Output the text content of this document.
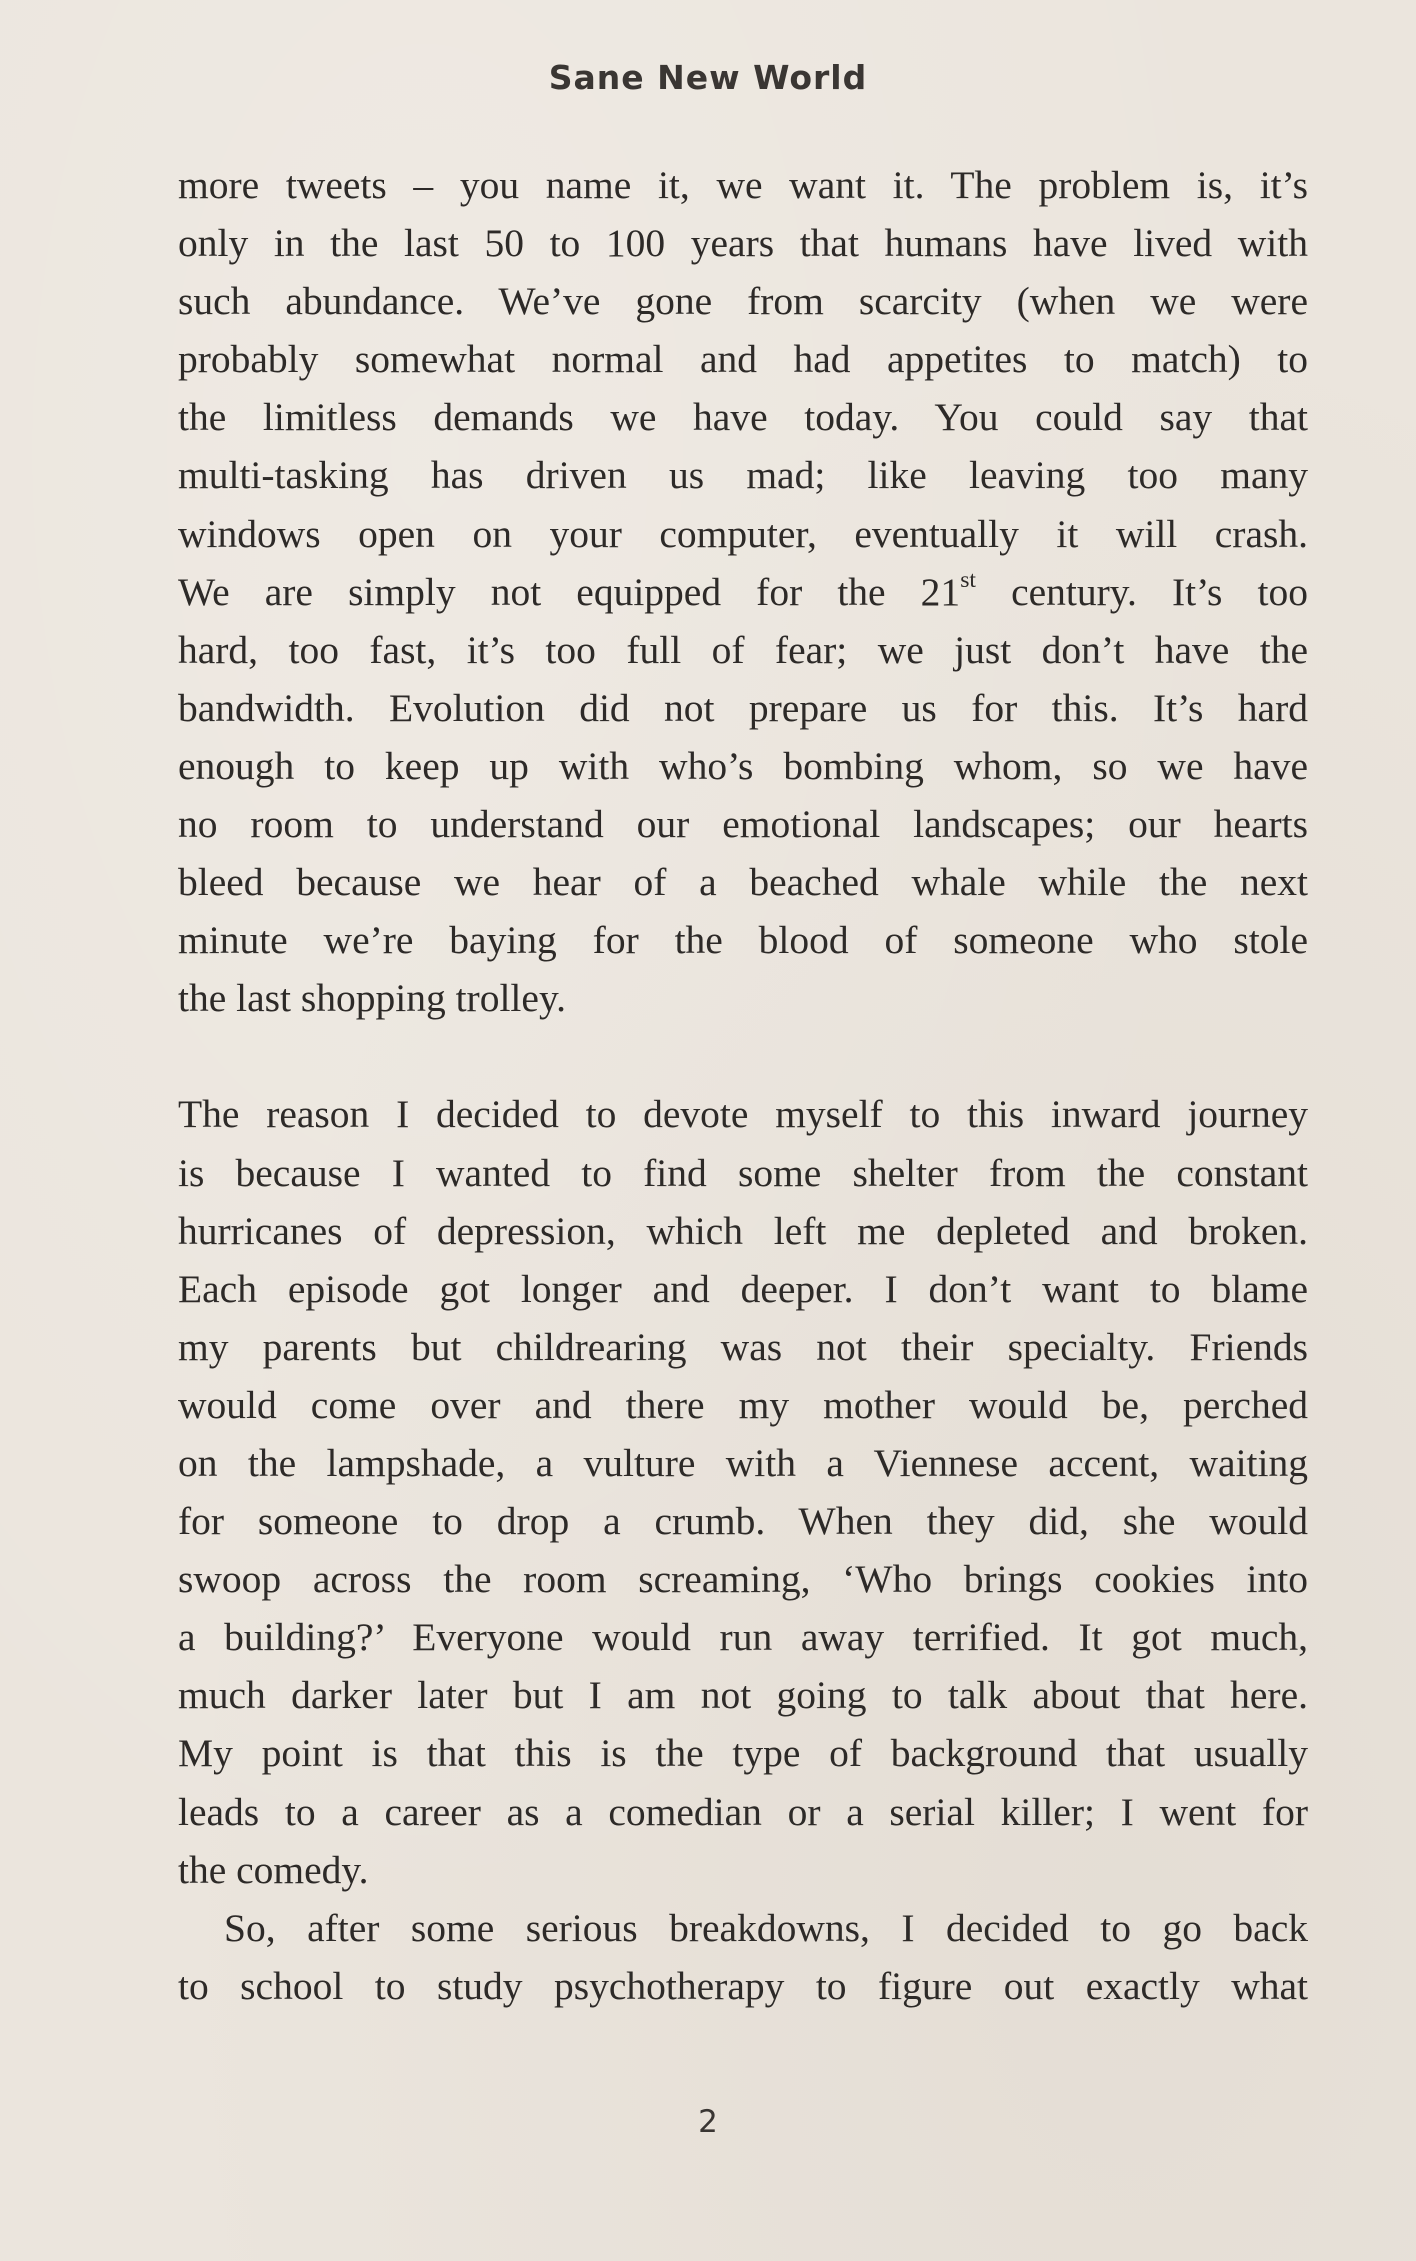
Sane New World
more tweets – you name it, we want it. The problem is, it’s
only in the last 50 to 100 years that humans have lived with
such abundance. We’ve gone from scarcity (when we were
probably somewhat normal and had appetites to match) to
the limitless demands we have today. You could say that
multi-tasking has driven us mad; like leaving too many
windows open on your computer, eventually it will crash.
We are simply not equipped for the 21st century. It’s too
hard, too fast, it’s too full of fear; we just don’t have the
bandwidth. Evolution did not prepare us for this. It’s hard
enough to keep up with who’s bombing whom, so we have
no room to understand our emotional landscapes; our hearts
bleed because we hear of a beached whale while the next
minute we’re baying for the blood of someone who stole
the last shopping trolley.
The reason I decided to devote myself to this inward journey
is because I wanted to find some shelter from the constant
hurricanes of depression, which left me depleted and broken.
Each episode got longer and deeper. I don’t want to blame
my parents but childrearing was not their specialty. Friends
would come over and there my mother would be, perched
on the lampshade, a vulture with a Viennese accent, waiting
for someone to drop a crumb. When they did, she would
swoop across the room screaming, ‘Who brings cookies into
a building?’ Everyone would run away terrified. It got much,
much darker later but I am not going to talk about that here.
My point is that this is the type of background that usually
leads to a career as a comedian or a serial killer; I went for
the comedy.
So, after some serious breakdowns, I decided to go back
to school to study psychotherapy to figure out exactly what
2
